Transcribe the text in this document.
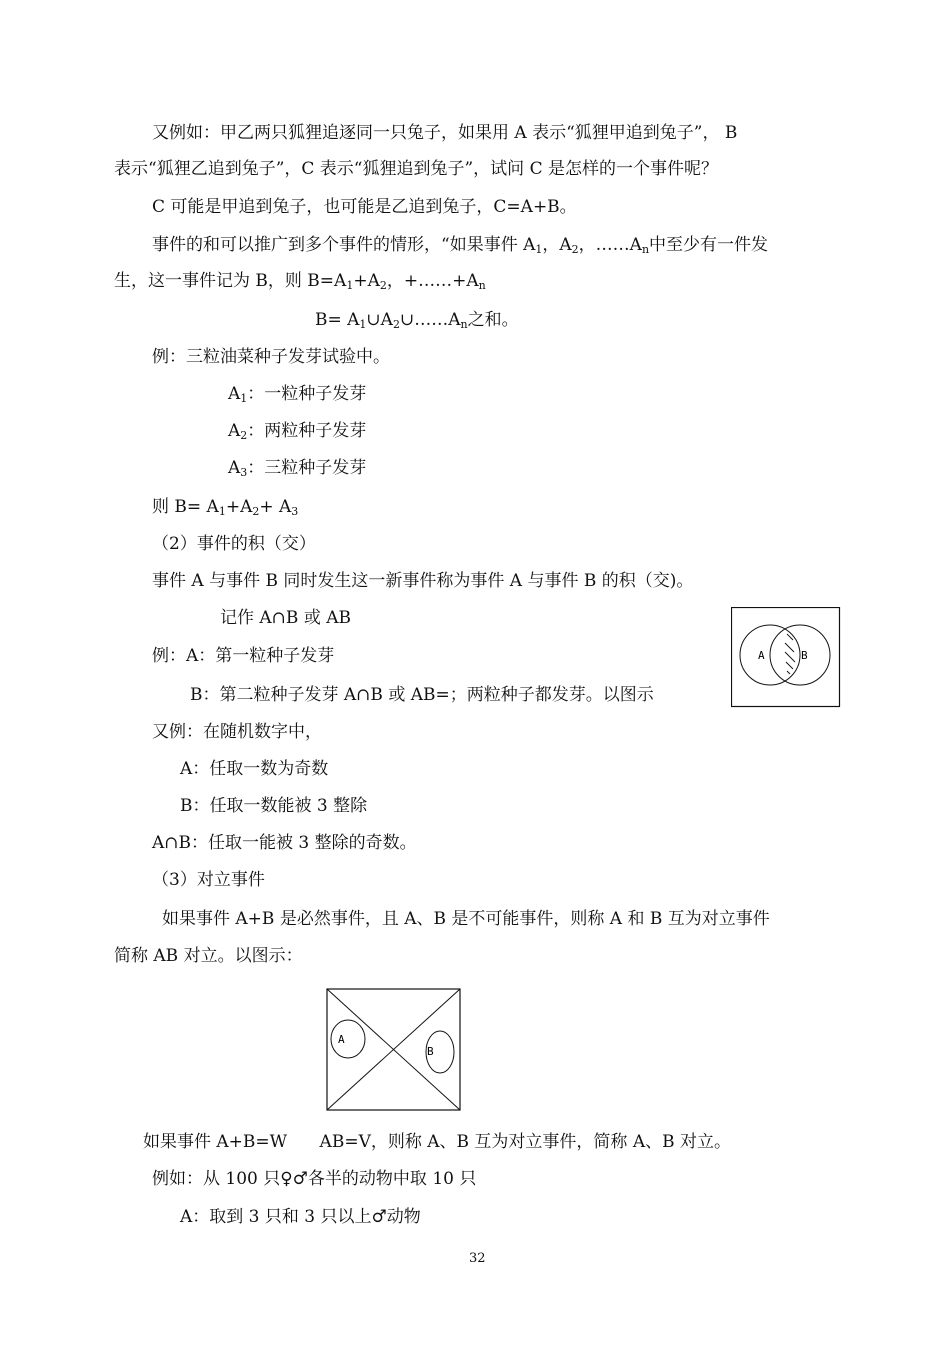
又例如：甲乙两只狐狸追逐同一只兔子，如果用 A 表示“狐狸甲追到兔子”， B
表示“狐狸乙追到兔子”，C 表示“狐狸追到兔子”，试问 C 是怎样的一个事件呢？
C 可能是甲追到兔子，也可能是乙追到兔子，C=A+B。
事件的和可以推广到多个事件的情形，“如果事件 $A_1$，$A_2$，$\dots\dots A_n$中至少有一件发
生，这一事件记为 B，则 $B=A_1+A_2$，$+\dots\dots+A_n$
$B= A_1\cup A_2\cup\dots\dots A_n$之和。
例：三粒油菜种子发芽试验中。
$A_1$：一粒种子发芽
$A_2$：两粒种子发芽
$A_3$：三粒种子发芽
则 $B= A_1+A_2+ A_3$
（2）事件的积（交）
事件 A 与事件 B 同时发生这一新事件称为事件 A 与事件 B 的积（交)。
记作 A∩B 或 AB
例：A：第一粒种子发芽
B：第二粒种子发芽 A∩B 或 AB=；两粒种子都发芽。以图示
又例：在随机数字中，
A：任取一数为奇数
B：任取一数能被 3 整除
A∩B：任取一能被 3 整除的奇数。
（3）对立事件
如果事件 A+B 是必然事件，且 A、B 是不可能事件，则称 A 和 B 互为对立事件
简称 AB 对立。以图示：
A	B
A
B
如果事件 A+B=W      AB=V，则称 A、B 互为对立事件，简称 A、B 对立。
例如：从 100 只♀♂各半的动物中取 10 只
A：取到 3 只和 3 只以上♂动物
32
